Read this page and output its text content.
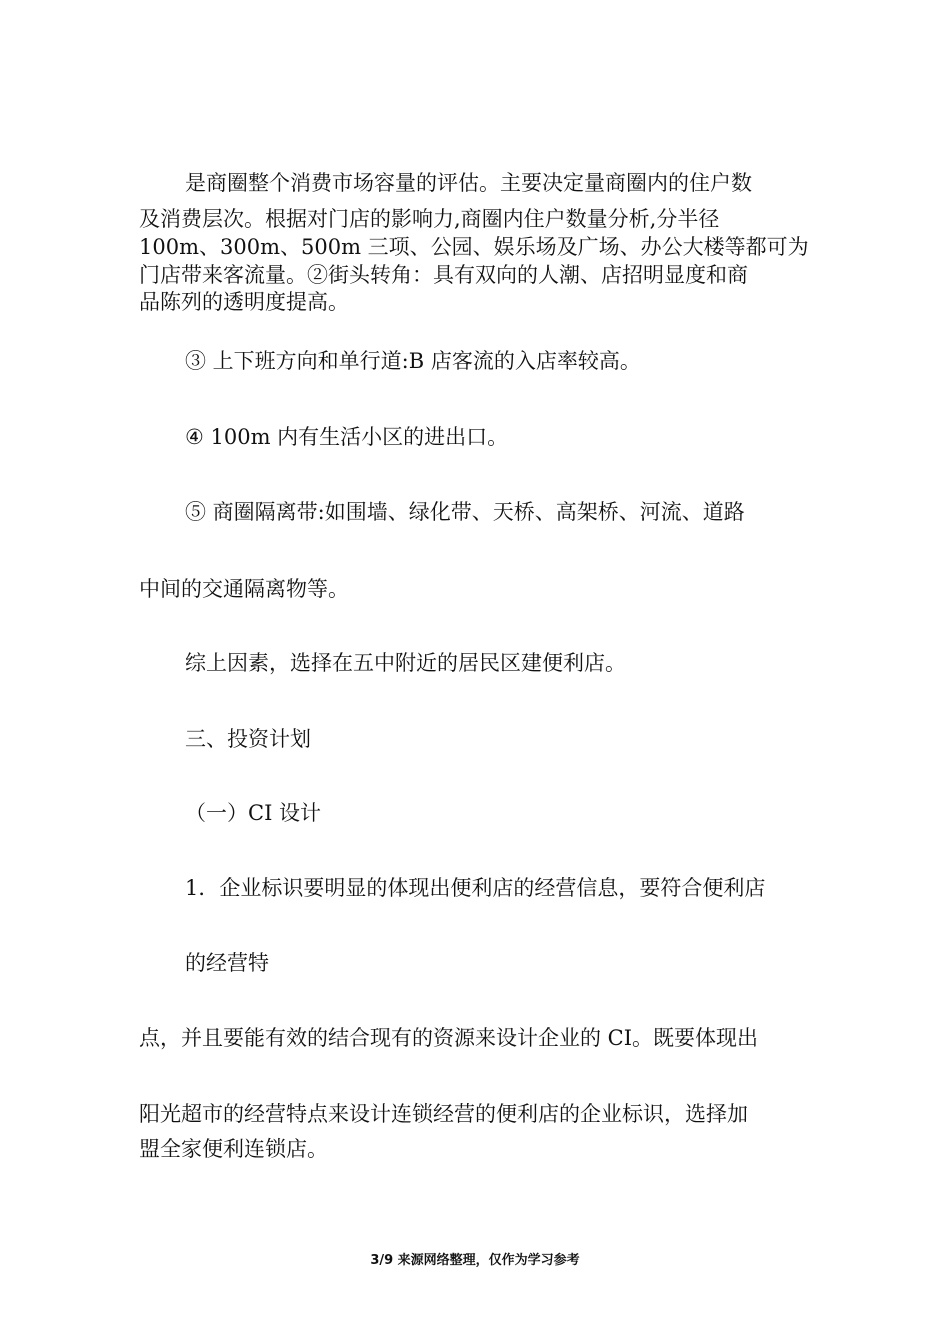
是商圈整个消费市场容量的评估。主要决定量商圈内的住户数

及消费层次。根据对门店的影响力,商圈内住户数量分析,分半径

100m、300m、500m 三项、公园、娱乐场及广场、办公大楼等都可为

门店带来客流量。②街头转角：具有双向的人潮、店招明显度和商

品陈列的透明度提高。

③ 上下班方向和单行道:B 店客流的入店率较高。

④ 100m 内有生活小区的进出口。

⑤ 商圈隔离带:如围墙、绿化带、天桥、高架桥、河流、道路

中间的交通隔离物等。

综上因素，选择在五中附近的居民区建便利店。

三、投资计划

（一）CI 设计

1．企业标识要明显的体现出便利店的经营信息，要符合便利店

的经营特

点，并且要能有效的结合现有的资源来设计企业的 CI。既要体现出

阳光超市的经营特点来设计连锁经营的便利店的企业标识，选择加

盟全家便利连锁店。

3/9 来源网络整理，仅作为学习参考
